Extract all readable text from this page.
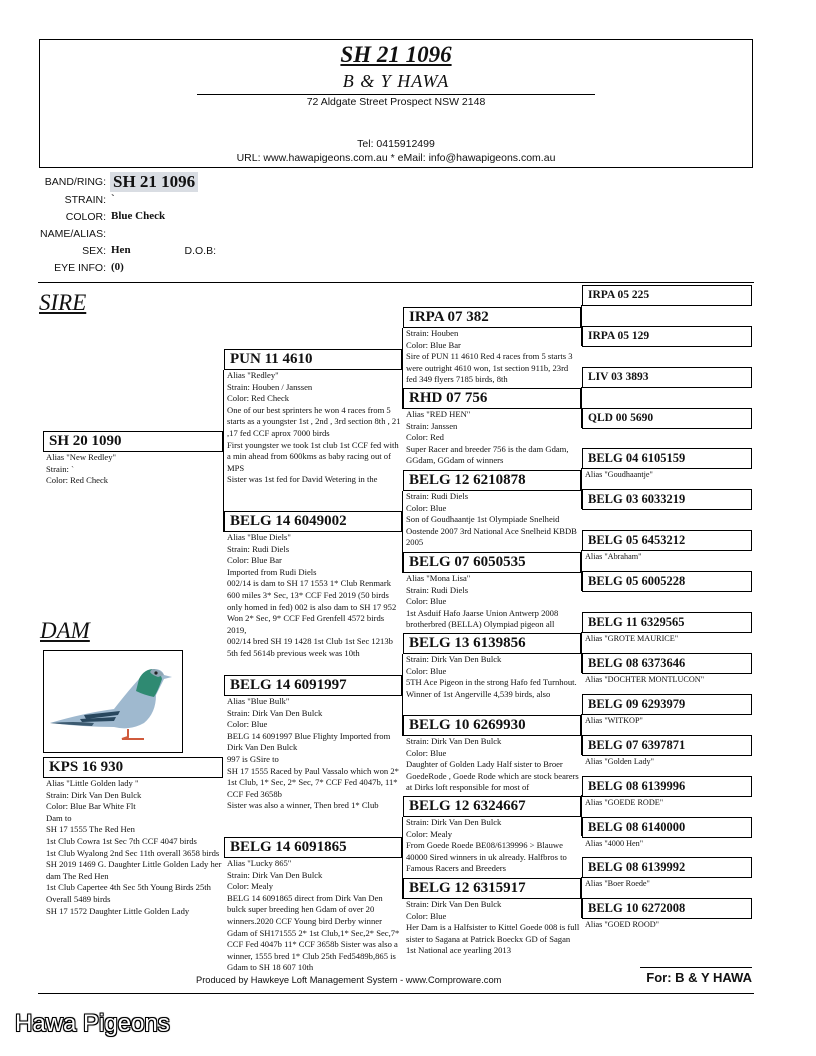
SH 21 1096
B & Y HAWA
72 Aldgate Street Prospect NSW 2148
Tel: 0415912499
URL: www.hawapigeons.com.au * eMail: info@hawapigeons.com.au
BAND/RING: SH 21 1096
STRAIN: `
COLOR: Blue Check
NAME/ALIAS:
SEX: Hen	D.O.B:
EYE INFO: (0)
SIRE
DAM
SH 20 1090
Alias "New Redley"
Strain: `
Color: Red Check
KPS 16 930
Alias "Little Golden lady "
Strain: Dirk Van Den Bulck
Color: Blue Bar White Flt
Dam to
SH 17 1555 The Red Hen
1st Club Cowra 1st Sec 7th CCF 4047 birds
1st Club Wyalong 2nd Sec 11th overall 3658 birds
SH 2019 1469 G. Daughter Little Golden Lady her dam The Red Hen
1st Club Capertee 4th Sec 5th Young Birds 25th Overall 5489 birds
SH 17 1572 Daughter Little Golden Lady
PUN 11 4610
Alias "Redley"
Strain: Houben / Janssen
Color: Red Check
One of our best sprinters he won 4 races from 5 starts as a youngster 1st , 2nd , 3rd section 8th , 21 ,17 fed CCF aprox 7000 birds
First youngster we took 1st club 1st CCF fed with a min ahead from 600kms as baby racing out of MPS
Sister was 1st fed for David Wetering in the
BELG 14 6049002
Alias "Blue Diels"
Strain: Rudi Diels
Color: Blue Bar
Imported from Rudi Diels
002/14 is dam to SH 17 1553 1* Club Renmark 600 miles 3* Sec, 13* CCF Fed 2019 (50 birds only homed in fed) 002 is also dam to SH 17 952 Won 2* Sec, 9* CCF Fed Grenfell 4572 birds 2019,
002/14 bred SH 19 1428 1st Club 1st Sec 1213b 5th fed 5614b previous week was 10th
BELG 14 6091997
Alias "Blue Bulk"
Strain: Dirk Van Den Bulck
Color: Blue
BELG 14 6091997 Blue Flighty Imported from Dirk Van Den Bulck
997 is GSire to
SH 17 1555 Raced by Paul Vassalo which won 2* 1st Club, 1* Sec, 2* Sec, 7* CCF Fed 4047b, 11* CCF Fed 3658b
Sister was also a winner, Then bred 1* Club
BELG 14 6091865
Alias "Lucky 865"
Strain: Dirk Van Den Bulck
Color: Mealy
BELG 14 6091865 direct from Dirk Van Den bulck super breeding hen Gdam of over 20 winners.2020 CCF Young bird Derby winner Gdam of SH171555 2* 1st Club,1* Sec,2* Sec,7* CCF Fed 4047b 11* CCF 3658b Sister was also a winner, 1555 bred 1* Club 25th Fed5489b,865 is Gdam to SH 18 607 10th
IRPA 07 382
Strain: Houben
Color: Blue Bar
Sire of PUN 11 4610 Red 4 races from 5 starts 3 were outright 4610 won, 1st section 911b, 23rd fed 349 flyers 7185 birds, 8th
RHD 07 756
Alias "RED HEN"
Strain: Janssen
Color: Red
Super Racer and breeder 756 is the dam Gdam, GGdam, GGdam of winners
BELG 12 6210878
Strain: Rudi Diels
Color: Blue
Son of Goudhaantje 1st Olympiade Snelheid Oostende 2007 3rd National Ace Snelheid KBDB 2005
BELG 07 6050535
Alias "Mona Lisa"
Strain: Rudi Diels
Color: Blue
1st Asduif Hafo Jaarse Union Antwerp 2008 brotherbred (BELLA) Olympiad pigeon all
BELG 13 6139856
Strain: Dirk Van Den Bulck
Color: Blue
5TH Ace Pigeon in the strong Hafo fed Turnhout.
Winner of 1st Angerville 4,539 birds, also
BELG 10 6269930
Strain: Dirk Van Den Bulck
Color: Blue
Daughter of Golden Lady Half sister to Broer GoedeRode , Goede Rode which are stock bearers at Dirks loft responsible for most of
BELG 12 6324667
Strain: Dirk Van Den Bulck
Color: Mealy
From Goede Roede BE08/6139996 > Blauwe 40000 Sired winners in uk already. Halfbros to Famous Racers and Breeders
BELG 12 6315917
Strain: Dirk Van Den Bulck
Color: Blue
Her Dam is a Halfsister to Kittel Goede 008 is full sister to Sagana at Patrick Boeckx GD of Sagan 1st National ace yearling 2013
IRPA 05 225
IRPA 05 129
LIV 03 3893
QLD 00 5690
BELG 04 6105159
Alias "Goudhaantje"
BELG 03 6033219
BELG 05 6453212
Alias "Abraham"
BELG 05 6005228
BELG 11 6329565
Alias "GROTE MAURICE"
BELG 08 6373646
Alias "DOCHTER MONTLUCON"
BELG 09 6293979
Alias "WITKOP"
BELG 07 6397871
Alias "Golden Lady"
BELG 08 6139996
Alias "GOEDE RODE"
BELG 08 6140000
Alias "4000 Hen"
BELG 08 6139992
Alias "Boer Roede"
BELG 10 6272008
Alias "GOED ROOD"
Produced by Hawkeye Loft Management System - www.Comproware.com	For: B & Y HAWA
Hawa Pigeons
